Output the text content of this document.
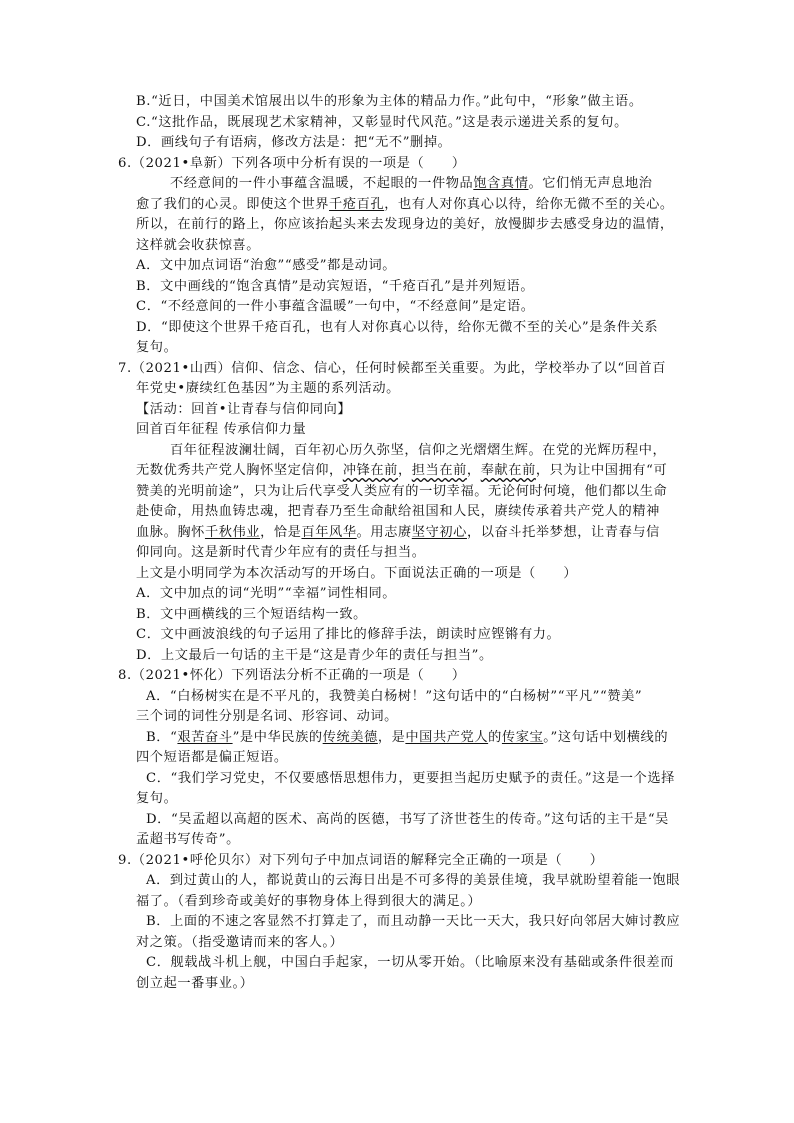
B.“近日，中国美术馆展出以牛的形象为主体的精品力作。”此句中，“形象”做主语。
C.“这批作品，既展现艺术家精神，又彰显时代风范。”这是表示递进关系的复句。
D．画线句子有语病，修改方法是：把“无不”删掉。
6.（2021•阜新）下列各项中分析有误的一项是（　　）
不经意间的一件小事蕴含温暖，不起眼的一件物品饱含真情。它们悄无声息地治
愈了我们的心灵。即使这个世界千疮百孔，也有人对你真心以待，给你无微不至的关心。
所以，在前行的路上，你应该抬起头来去发现身边的美好，放慢脚步去感受身边的温情，
这样就会收获惊喜。
A．文中加点词语“治愈”“感受”都是动词。
B．文中画线的“饱含真情”是动宾短语，“千疮百孔”是并列短语。
C．“不经意间的一件小事蕴含温暖”一句中，“不经意间”是定语。
D．“即使这个世界千疮百孔，也有人对你真心以待，给你无微不至的关心”是条件关系
复句。
7.（2021•山西）信仰、信念、信心，任何时候都至关重要。为此，学校举办了以“回首百
年党史•赓续红色基因”为主题的系列活动。
【活动：回首•让青春与信仰同向】
回首百年征程 传承信仰力量
百年征程波澜壮阔，百年初心历久弥坚，信仰之光熠熠生辉。在党的光辉历程中，
无数优秀共产党人胸怀坚定信仰，冲锋在前，担当在前，奉献在前，只为让中国拥有“可
赞美的光明前途”，只为让后代享受人类应有的一切幸福。无论何时何境，他们都以生命
赴使命，用热血铸忠魂，把青春乃至生命献给祖国和人民，赓续传承着共产党人的精神
血脉。胸怀千秋伟业，恰是百年风华。用志赓坚守初心，以奋斗托举梦想，让青春与信
仰同向。这是新时代青少年应有的责任与担当。
上文是小明同学为本次活动写的开场白。下面说法正确的一项是（　　）
A．文中加点的词“光明”“幸福”词性相同。
B．文中画横线的三个短语结构一致。
C．文中画波浪线的句子运用了排比的修辞手法，朗读时应铿锵有力。
D．上文最后一句话的主干是“这是青少年的责任与担当”。
8.（2021•怀化）下列语法分析不正确的一项是（　　）
A．“白杨树实在是不平凡的，我赞美白杨树！”这句话中的“白杨树”“平凡”“赞美”
三个词的词性分别是名词、形容词、动词。
B．“艰苦奋斗”是中华民族的传统美德，是中国共产党人的传家宝。”这句话中划横线的
四个短语都是偏正短语。
C．“我们学习党史，不仅要感悟思想伟力，更要担当起历史赋予的责任。”这是一个选择
复句。
D．“吴孟超以高超的医术、高尚的医德，书写了济世苍生的传奇。”这句话的主干是“吴
孟超书写传奇”。
9.（2021•呼伦贝尔）对下列句子中加点词语的解释完全正确的一项是（　　）
A．到过黄山的人，都说黄山的云海日出是不可多得的美景佳境，我早就盼望着能一饱眼
福了。（看到珍奇或美好的事物身体上得到很大的满足。）
B．上面的不速之客显然不打算走了，而且动静一天比一天大，我只好向邻居大婶讨教应
对之策。（指受邀请而来的客人。）
C．舰载战斗机上舰，中国白手起家，一切从零开始。（比喻原来没有基础或条件很差而
创立起一番事业。）
